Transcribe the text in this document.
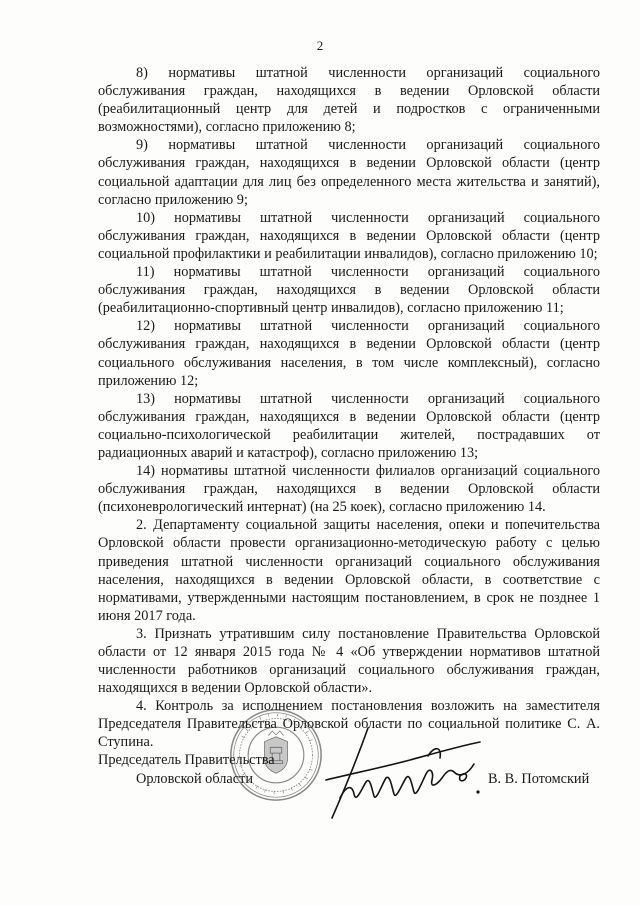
2

8) нормативы штатной численности организаций социального обслуживания граждан, находящихся в ведении Орловской области (реабилитационный центр для детей и подростков с ограниченными возможностями), согласно приложению 8;

9) нормативы штатной численности организаций социального обслуживания граждан, находящихся в ведении Орловской области (центр социальной адаптации для лиц без определенного места жительства и занятий), согласно приложению 9;

10) нормативы штатной численности организаций социального обслуживания граждан, находящихся в ведении Орловской области (центр социальной профилактики и реабилитации инвалидов), согласно приложению 10;

11) нормативы штатной численности организаций социального обслуживания граждан, находящихся в ведении Орловской области (реабилитационно-спортивный центр инвалидов), согласно приложению 11;

12) нормативы штатной численности организаций социального обслуживания граждан, находящихся в ведении Орловской области (центр социального обслуживания населения, в том числе комплексный), согласно приложению 12;

13) нормативы штатной численности организаций социального обслуживания граждан, находящихся в ведении Орловской области (центр социально-психологической реабилитации жителей, пострадавших от радиационных аварий и катастроф), согласно приложению 13;

14) нормативы штатной численности филиалов организаций социального обслуживания граждан, находящихся в ведении Орловской области (психоневрологический интернат) (на 25 коек), согласно приложению 14.

2. Департаменту социальной защиты населения, опеки и попечительства Орловской области провести организационно-методическую работу с целью приведения штатной численности организаций социального обслуживания населения, находящихся в ведении Орловской области, в соответствие с нормативами, утвержденными настоящим постановлением, в срок не позднее 1 июня 2017 года.

3. Признать утратившим силу постановление Правительства Орловской области от 12 января 2015 года № 4 «Об утверждении нормативов штатной численности работников организаций социального обслуживания граждан, находящихся в ведении Орловской области».

4. Контроль за исполнением постановления возложить на заместителя Председателя Правительства Орловской области по социальной политике С. А. Ступина.

Председатель Правительства
Орловской области	В. В. Потомский
